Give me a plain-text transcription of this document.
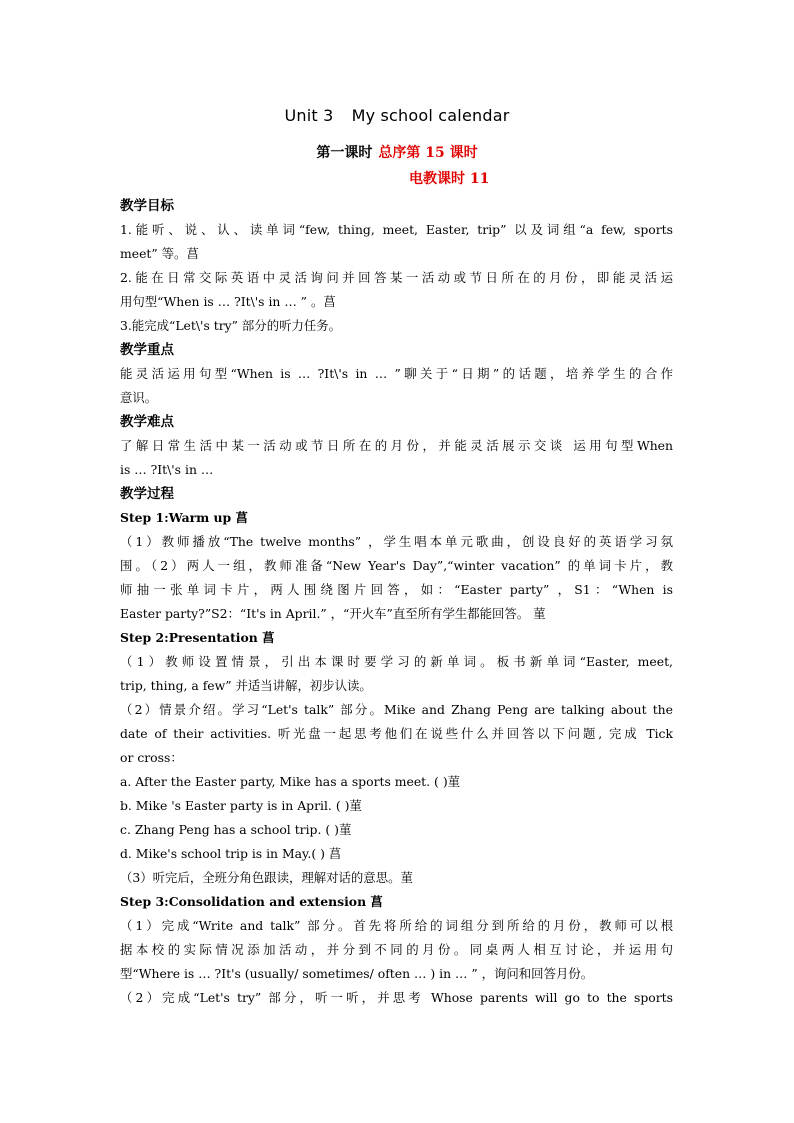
Unit 3 My school calendar
第一课时 总序第 15 课时
电教课时 11
教学目标
1.能听、说、认、读单词“few, thing, meet, Easter, trip” 以及词组“a few, sports
meet” 等。菖
2.能在日常交际英语中灵活询问并回答某一活动或节日所在的月份，即能灵活运
用句型“When is … ?It\'s in … ” 。菖
3.能完成“Let\'s try” 部分的听力任务。
教学重点
能灵活运用句型“When is … ?It\'s in … ”聊关于“日期”的话题，培养学生的合作
意识。
教学难点
了解日常生活中某一活动或节日所在的月份，并能灵活展示交谈 运用句型When
is … ?It\'s in …
教学过程
Step 1:Warm up 菖
（1）教师播放“The twelve months” ，学生唱本单元歌曲，创设良好的英语学习氛
围。（2）两人一组，教师准备“New Year's Day”,“winter vacation” 的单词卡片，教
师抽一张单词卡片，两人围绕图片回答，如：“Easter party” ，S1：“When is
Easter party?”S2：“It's in April.” ，“开火车”直至所有学生都能回答。 菫
Step 2:Presentation 菖
（1）教师设置情景，引出本课时要学习的新单词。板书新单词“Easter, meet,
trip, thing, a few” 并适当讲解，初步认读。
（2）情景介绍。学习“Let's talk” 部分。Mike and Zhang Peng are talking about the
date of their activities. 听光盘一起思考他们在说些什么并回答以下问题, 完成 Tick
or cross：
a. After the Easter party, Mike has a sports meet. ( )菫
b. Mike 's Easter party is in April. ( )菫
c. Zhang Peng has a school trip. ( )菫
d. Mike's school trip is in May.( ) 菖
（3）听完后，全班分角色跟读，理解对话的意思。菫
Step 3:Consolidation and extension 菖
（1）完成“Write and talk” 部分。首先将所给的词组分到所给的月份，教师可以根
据本校的实际情况添加活动，并分到不同的月份。同桌两人相互讨论，并运用句
型“Where is … ?It's (usually/ sometimes/ often … ) in … ” ，询问和回答月份。
（2）完成“Let's try” 部分，听一听，并思考 Whose parents will go to the sports
